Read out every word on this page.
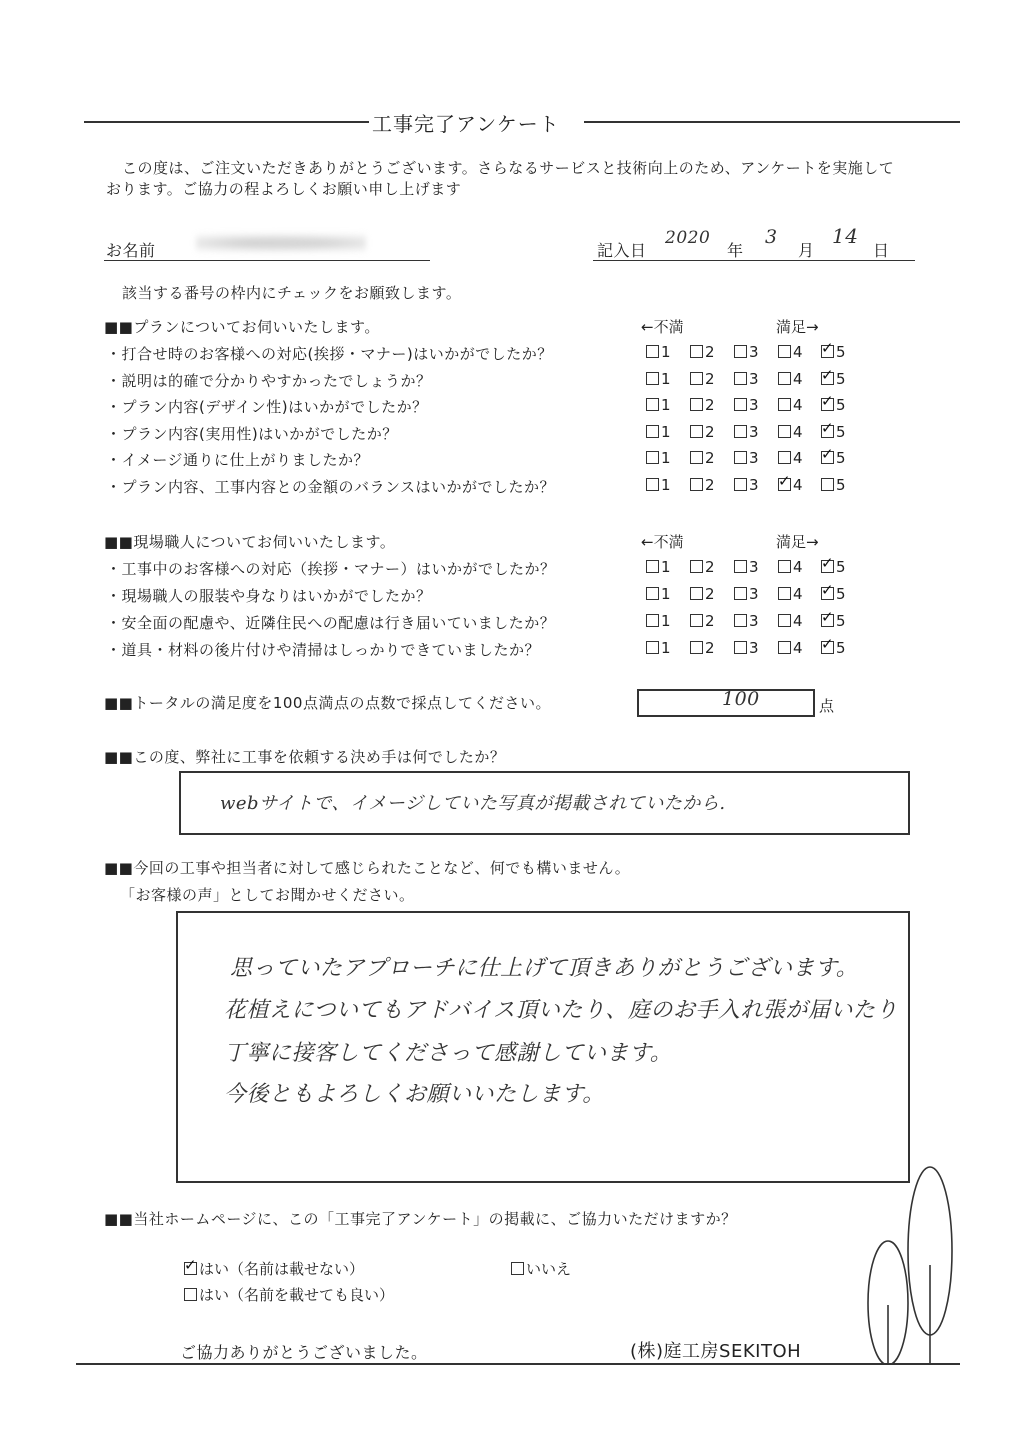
工事完了アンケート
この度は、ご注文いただきありがとうございます。さらなるサービスと技術向上のため、アンケートを実施して
おります。ご協力の程よろしくお願い申し上げます
お名前	記入日
2020
年
3
月
14
日
該当する番号の枠内にチェックをお願致します。
■■プランについてお伺いいたします。	←不満	満足→
・打合せ時のお客様への対応(挨拶・マナー)はいかがでしたか？	1	2	3	4 ✓	5
・説明は的確で分かりやすかったでしょうか？	1	2	3	4 ✓	5
・プラン内容(デザイン性)はいかがでしたか？	1	2	3	4 ✓	5
・プラン内容(実用性)はいかがでしたか？	1	2	3	4 ✓	5
・イメージ通りに仕上がりましたか？	1	2	3	4 ✓	5
・プラン内容、工事内容との金額のバランスはいかがでしたか？	1	2	3 ✓	4	5
■■現場職人についてお伺いいたします。	←不満	満足→
・工事中のお客様への対応（挨拶・マナー）はいかがでしたか？	1	2	3	4 ✓	5
・現場職人の服装や身なりはいかがでしたか？	1	2	3	4 ✓	5
・安全面の配慮や、近隣住民への配慮は行き届いていましたか？	1	2	3	4 ✓	5
・道具・材料の後片付けや清掃はしっかりできていましたか？	1	2	3	4 ✓	5
■■トータルの満足度を100点満点の点数で採点してください。	100	点
■■この度、弊社に工事を依頼する決め手は何でしたか？
webサイトで、イメージしていた写真が掲載されていたから.
■■今回の工事や担当者に対して感じられたことなど、何でも構いません。
「お客様の声」としてお聞かせください。
思っていたアプローチに仕上げて頂きありがとうございます。
花植えについてもアドバイス頂いたり、庭のお手入れ張が届いたり
丁寧に接客してくださって感謝しています。
今後ともよろしくお願いいたします。
■■当社ホームページに、この「工事完了アンケート」の掲載に、ご協力いただけますか？
✓はい（名前は載せない）
はい（名前を載せても良い）
いいえ
ご協力ありがとうございました。	(株)庭工房SEKITOH
